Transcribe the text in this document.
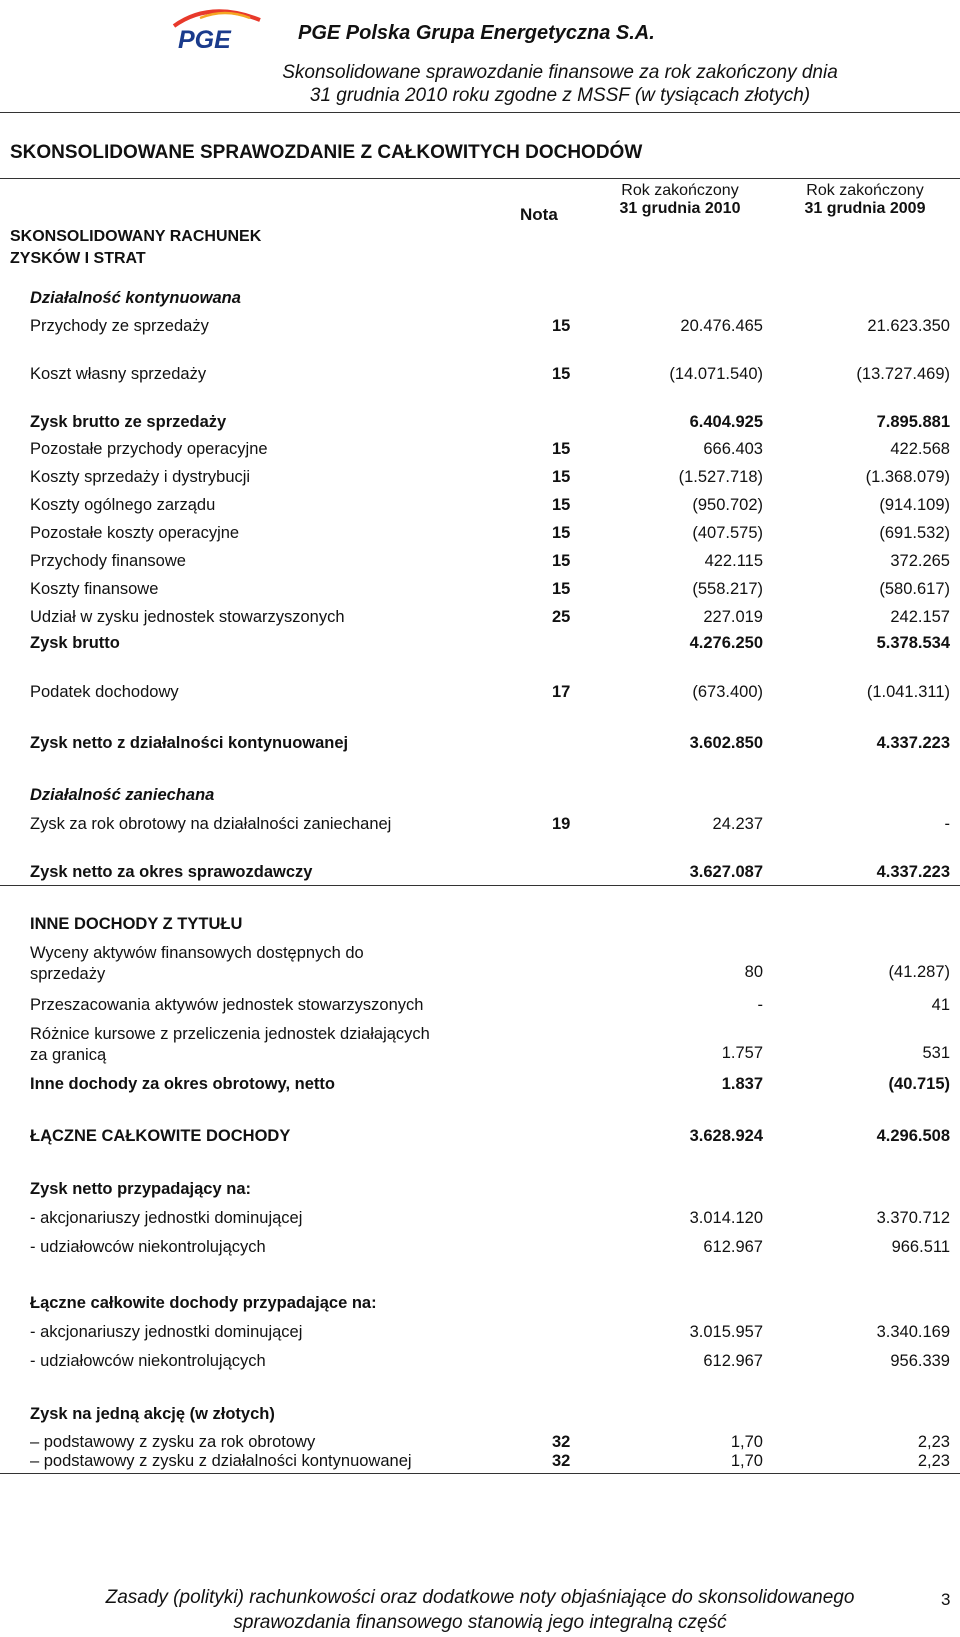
PGE	PGE Polska Grupa Energetyczna S.A.
Skonsolidowane sprawozdanie finansowe za rok zakończony dnia
31 grudnia 2010 roku zgodne z MSSF (w tysiącach złotych)
SKONSOLIDOWANE SPRAWOZDANIE Z CAŁKOWITYCH DOCHODÓW
Nota
Rok zakończony
31 grudnia 2010
Rok zakończony
31 grudnia 2009
SKONSOLIDOWANY RACHUNEK
ZYSKÓW I STRAT
Działalność kontynuowana
Przychody ze sprzedaży	15	20.476.465	21.623.350
Koszt własny sprzedaży	15	(14.071.540)	(13.727.469)
Zysk brutto ze sprzedaży	6.404.925	7.895.881
Pozostałe przychody operacyjne	15	666.403	422.568
Koszty sprzedaży i dystrybucji	15	(1.527.718)	(1.368.079)
Koszty ogólnego zarządu	15	(950.702)	(914.109)
Pozostałe koszty operacyjne	15	(407.575)	(691.532)
Przychody finansowe	15	422.115	372.265
Koszty finansowe	15	(558.217)	(580.617)
Udział w zysku jednostek stowarzyszonych	25	227.019	242.157
Zysk brutto	4.276.250	5.378.534
Podatek dochodowy	17	(673.400)	(1.041.311)
Zysk netto z działalności kontynuowanej	3.602.850	4.337.223
Działalność zaniechana
Zysk za rok obrotowy na działalności zaniechanej	19	24.237	-
Zysk netto za okres sprawozdawczy	3.627.087	4.337.223
INNE DOCHODY Z TYTUŁU
Wyceny aktywów finansowych dostępnych do sprzedaży	80	(41.287)
Przeszacowania aktywów jednostek stowarzyszonych	-	41
Różnice kursowe z przeliczenia jednostek działających za granicą	1.757	531
Inne dochody za okres obrotowy, netto	1.837	(40.715)
ŁĄCZNE CAŁKOWITE DOCHODY	3.628.924	4.296.508
Zysk netto przypadający na:
- akcjonariuszy jednostki dominującej	3.014.120	3.370.712
- udziałowców niekontrolujących	612.967	966.511
Łączne całkowite dochody przypadające na:
- akcjonariuszy jednostki dominującej	3.015.957	3.340.169
- udziałowców niekontrolujących	612.967	956.339
Zysk na jedną akcję (w złotych)
– podstawowy z zysku za rok obrotowy	32	1,70	2,23
– podstawowy z zysku z działalności kontynuowanej	32	1,70	2,23
3
Zasady (polityki) rachunkowości oraz dodatkowe noty objaśniające do skonsolidowanego
sprawozdania finansowego stanowią jego integralną część
